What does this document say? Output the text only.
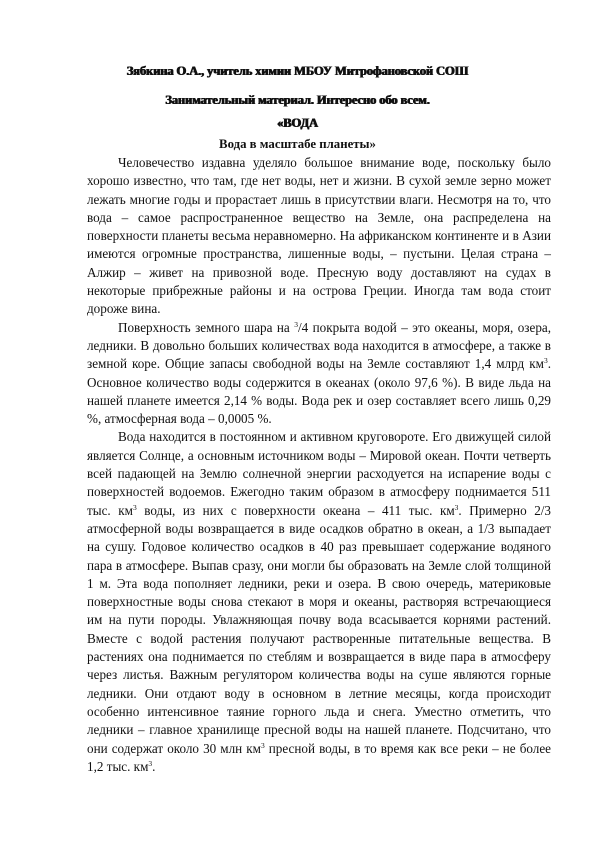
Зябкина О.А., учитель химии МБОУ Митрофановской СОШ
Занимательный материал. Интересно обо всем.
«ВОДА
Вода в масштабе планеты»

Человечество издавна уделяло большое внимание воде, поскольку было хорошо известно, что там, где нет воды, нет и жизни. В сухой земле зерно может лежать многие годы и прорастает лишь в присутствии влаги. Несмотря на то, что вода – самое распространенное вещество на Земле, она распределена на поверхности планеты весьма неравномерно. На африканском континенте и в Азии имеются огромные пространства, лишенные воды, – пустыни. Целая страна – Алжир – живет на привозной воде. Пресную воду доставляют на судах в некоторые прибрежные районы и на острова Греции. Иногда там вода стоит дороже вина.

Поверхность земного шара на $^3$/4 покрыта водой – это океаны, моря, озера, ледники. В довольно больших количествах вода находится в атмосфере, а также в земной коре. Общие запасы свободной воды на Земле составляют 1,4 млрд $км^3$. Основное количество воды содержится в океанах (около 97,6 %). В виде льда на нашей планете имеется 2,14 % воды. Вода рек и озер составляет всего лишь 0,29 %, атмосферная вода – 0,0005 %.

Вода находится в постоянном и активном круговороте. Его движущей силой является Солнце, а основным источником воды – Мировой океан. Почти четверть всей падающей на Землю солнечной энергии расходуется на испарение воды с поверхностей водоемов. Ежегодно таким образом в атмосферу поднимается 511 тыс. $км^3$ воды, из них с поверхности океана – 411 тыс. $км^3$. Примерно 2/3 атмосферной воды возвращается в виде осадков обратно в океан, а 1/3 выпадает на сушу. Годовое количество осадков в 40 раз превышает содержание водяного пара в атмосфере. Выпав сразу, они могли бы образовать на Земле слой толщиной 1 м. Эта вода пополняет ледники, реки и озера. В свою очередь, материковые поверхностные воды снова стекают в моря и океаны, растворяя встречающиеся им на пути породы. Увлажняющая почву вода всасывается корнями растений. Вместе с водой растения получают растворенные питательные вещества. В растениях она поднимается по стеблям и возвращается в виде пара в атмосферу через листья. Важным регулятором количества воды на суше являются горные ледники. Они отдают воду в основном в летние месяцы, когда происходит особенно интенсивное таяние горного льда и снега. Уместно отметить, что ледники – главное хранилище пресной воды на нашей планете. Подсчитано, что они содержат около 30 млн $км^3$ пресной воды, в то время как все реки – не более 1,2 тыс. $км^3$.
